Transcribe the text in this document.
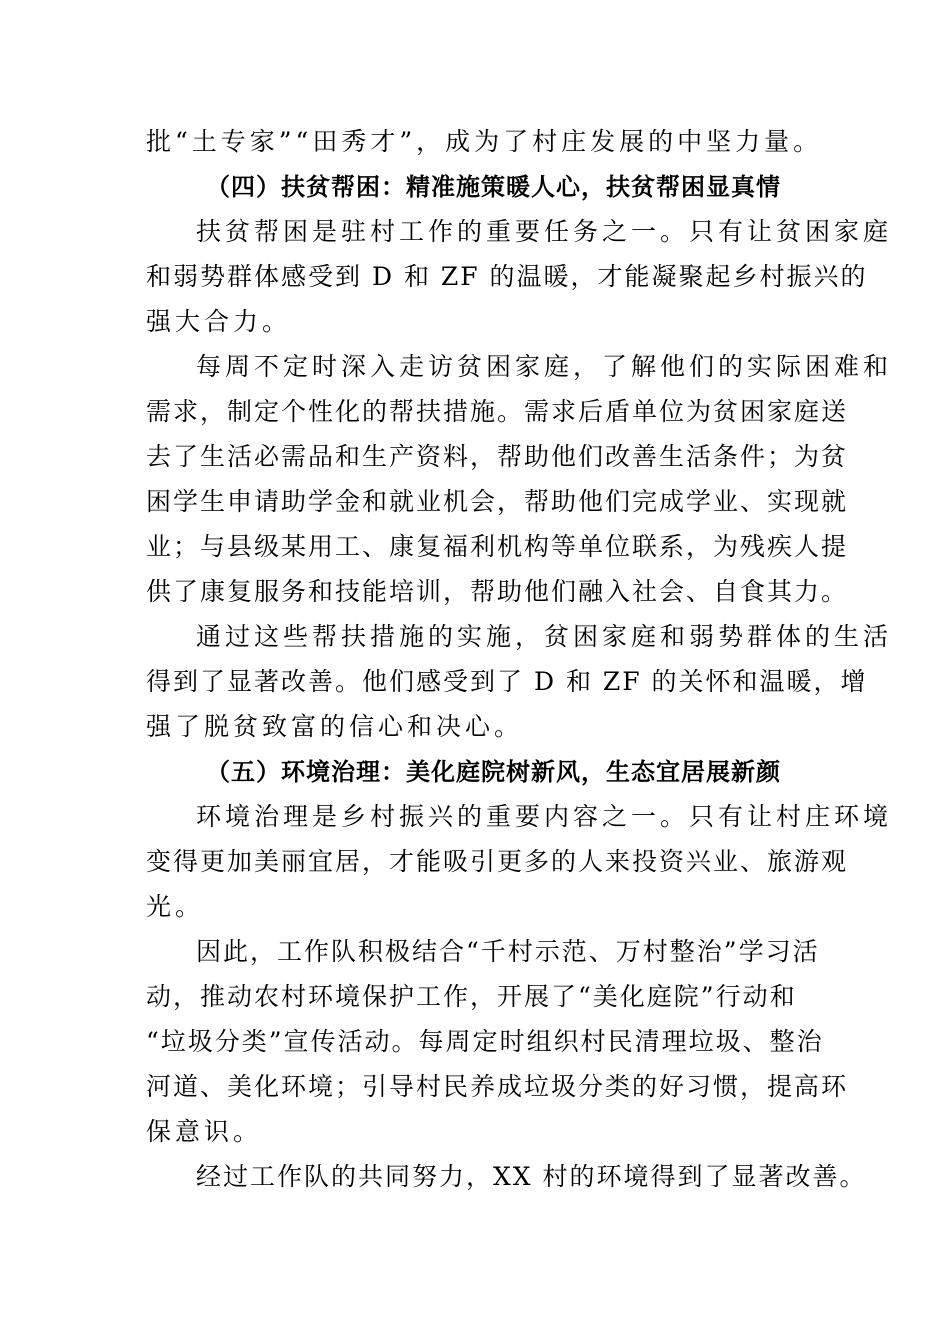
批“土专家”“田秀才”，成为了村庄发展的中坚力量。
（四）扶贫帮困：精准施策暖人心，扶贫帮困显真情
扶贫帮困是驻村工作的重要任务之一。只有让贫困家庭
和弱势群体感受到 D 和 ZF 的温暖，才能凝聚起乡村振兴的
强大合力。
每周不定时深入走访贫困家庭，了解他们的实际困难和
需求，制定个性化的帮扶措施。需求后盾单位为贫困家庭送
去了生活必需品和生产资料，帮助他们改善生活条件；为贫
困学生申请助学金和就业机会，帮助他们完成学业、实现就
业；与县级某用工、康复福利机构等单位联系，为残疾人提
供了康复服务和技能培训，帮助他们融入社会、自食其力。
通过这些帮扶措施的实施，贫困家庭和弱势群体的生活
得到了显著改善。他们感受到了 D 和 ZF 的关怀和温暖，增
强了脱贫致富的信心和决心。
（五）环境治理：美化庭院树新风，生态宜居展新颜
环境治理是乡村振兴的重要内容之一。只有让村庄环境
变得更加美丽宜居，才能吸引更多的人来投资兴业、旅游观
光。
因此，工作队积极结合“千村示范、万村整治”学习活
动，推动农村环境保护工作，开展了“美化庭院”行动和
“垃圾分类”宣传活动。每周定时组织村民清理垃圾、整治
河道、美化环境；引导村民养成垃圾分类的好习惯，提高环
保意识。
经过工作队的共同努力，XX 村的环境得到了显著改善。
